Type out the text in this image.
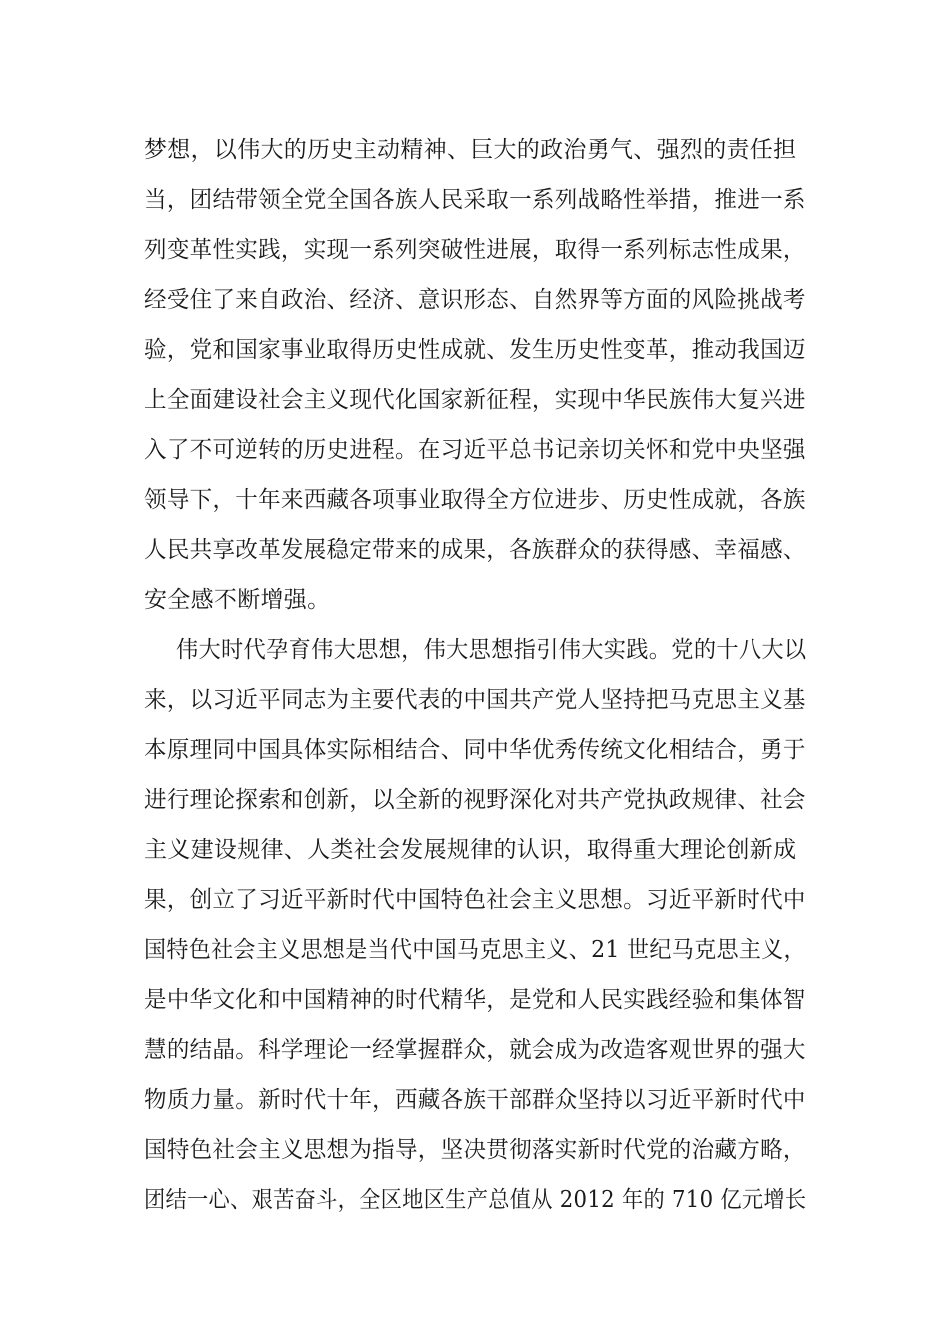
梦想，以伟大的历史主动精神、巨大的政治勇气、强烈的责任担
当，团结带领全党全国各族人民采取一系列战略性举措，推进一系
列变革性实践，实现一系列突破性进展，取得一系列标志性成果，
经受住了来自政治、经济、意识形态、自然界等方面的风险挑战考
验，党和国家事业取得历史性成就、发生历史性变革，推动我国迈
上全面建设社会主义现代化国家新征程，实现中华民族伟大复兴进
入了不可逆转的历史进程。在习近平总书记亲切关怀和党中央坚强
领导下，十年来西藏各项事业取得全方位进步、历史性成就，各族
人民共享改革发展稳定带来的成果，各族群众的获得感、幸福感、
安全感不断增强。
伟大时代孕育伟大思想，伟大思想指引伟大实践。党的十八大以
来，以习近平同志为主要代表的中国共产党人坚持把马克思主义基
本原理同中国具体实际相结合、同中华优秀传统文化相结合，勇于
进行理论探索和创新，以全新的视野深化对共产党执政规律、社会
主义建设规律、人类社会发展规律的认识，取得重大理论创新成
果，创立了习近平新时代中国特色社会主义思想。习近平新时代中
国特色社会主义思想是当代中国马克思主义、21 世纪马克思主义，
是中华文化和中国精神的时代精华，是党和人民实践经验和集体智
慧的结晶。科学理论一经掌握群众，就会成为改造客观世界的强大
物质力量。新时代十年，西藏各族干部群众坚持以习近平新时代中
国特色社会主义思想为指导，坚决贯彻落实新时代党的治藏方略，
团结一心、艰苦奋斗，全区地区生产总值从 2012 年的 710 亿元增长
